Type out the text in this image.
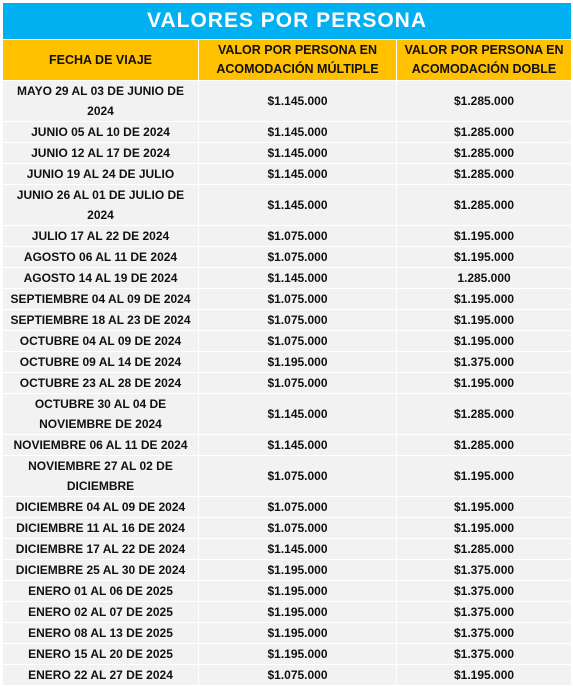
VALORES POR PERSONA		
FECHA DE VIAJE	VALOR POR PERSONA EN ACOMODACIÓN MÚLTIPLE	VALOR POR PERSONA EN ACOMODACIÓN DOBLE
MAYO 29 AL 03 DE JUNIO DE 2024	$1.145.000	$1.285.000
JUNIO 05 AL 10 DE 2024	$1.145.000	$1.285.000
JUNIO 12 AL 17 DE 2024	$1.145.000	$1.285.000
JUNIO 19 AL 24 DE JULIO	$1.145.000	$1.285.000
JUNIO 26 AL 01 DE JULIO DE 2024	$1.145.000	$1.285.000
JULIO 17 AL 22 DE 2024	$1.075.000	$1.195.000
AGOSTO 06 AL 11 DE 2024	$1.075.000	$1.195.000
AGOSTO 14 AL 19 DE 2024	$1.145.000	1.285.000
SEPTIEMBRE 04 AL 09 DE 2024	$1.075.000	$1.195.000
SEPTIEMBRE 18 AL 23 DE 2024	$1.075.000	$1.195.000
OCTUBRE 04 AL 09 DE 2024	$1.075.000	$1.195.000
OCTUBRE 09 AL 14 DE 2024	$1.195.000	$1.375.000
OCTUBRE 23 AL 28 DE 2024	$1.075.000	$1.195.000
OCTUBRE 30 AL 04 DE NOVIEMBRE DE 2024	$1.145.000	$1.285.000
NOVIEMBRE 06 AL 11 DE 2024	$1.145.000	$1.285.000
NOVIEMBRE 27 AL 02 DE DICIEMBRE	$1.075.000	$1.195.000
DICIEMBRE 04 AL 09 DE 2024	$1.075.000	$1.195.000
DICIEMBRE 11 AL 16 DE 2024	$1.075.000	$1.195.000
DICIEMBRE 17 AL 22 DE 2024	$1.145.000	$1.285.000
DICIEMBRE 25 AL 30 DE 2024	$1.195.000	$1.375.000
ENERO 01 AL 06 DE 2025	$1.195.000	$1.375.000
ENERO 02 AL 07 DE 2025	$1.195.000	$1.375.000
ENERO 08 AL 13 DE 2025	$1.195.000	$1.375.000
ENERO 15 AL 20 DE 2025	$1.195.000	$1.375.000
ENERO 22 AL 27 DE 2024	$1.075.000	$1.195.000
